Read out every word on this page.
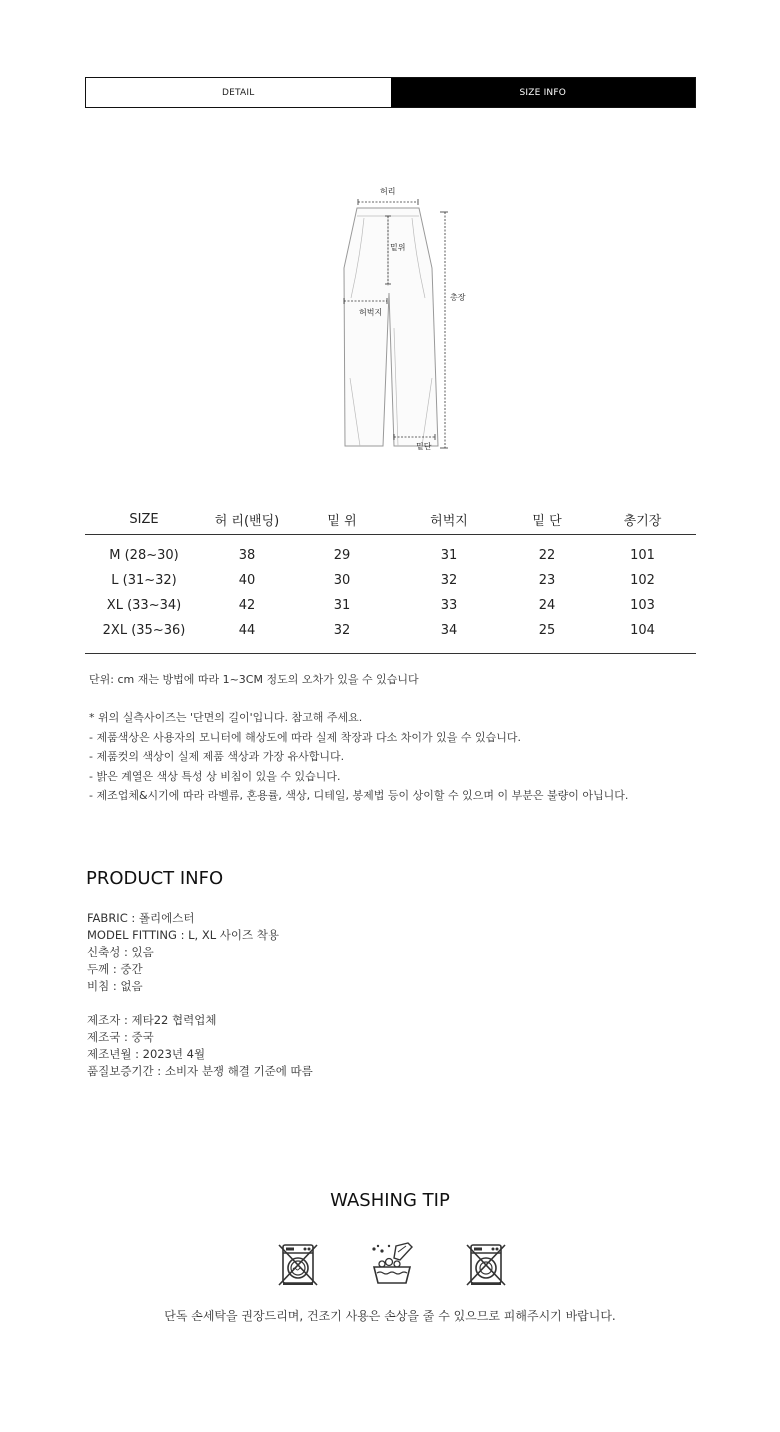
DETAIL	SIZE INFO
허리
밑위
허벅지
총장
밑단
SIZE	허 리(밴딩)	밑 위	허벅지	밑 단	총기장
M (28~30)	38	29	31	22	101
L (31~32)	40	30	32	23	102
XL (33~34)	42	31	33	24	103
2XL (35~36)	44	32	34	25	104
단위: cm 재는 방법에 따라 1~3CM 정도의 오차가 있을 수 있습니다
* 위의 실측사이즈는 '단면의 길이'입니다. 참고해 주세요.
- 제품색상은 사용자의 모니터에 해상도에 따라 실제 착장과 다소 차이가 있을 수 있습니다.
- 제품컷의 색상이 실제 제품 색상과 가장 유사합니다.
- 밝은 계열은 색상 특성 상 비침이 있을 수 있습니다.
- 제조업체&시기에 따라 라벨류, 혼용률, 색상, 디테일, 봉제법 등이 상이할 수 있으며 이 부분은 불량이 아닙니다.
PRODUCT INFO
FABRIC : 폴리에스터
MODEL FITTING : L, XL 사이즈 착용
신축성 : 있음
두께 : 중간
비침 : 없음
제조자 : 제타22 협력업체
제조국 : 중국
제조년월 : 2023년 4월
품질보증기간 : 소비자 분쟁 해결 기준에 따름
WASHING TIP
단독 손세탁을 권장드리며, 건조기 사용은 손상을 줄 수 있으므로 피해주시기 바랍니다.
